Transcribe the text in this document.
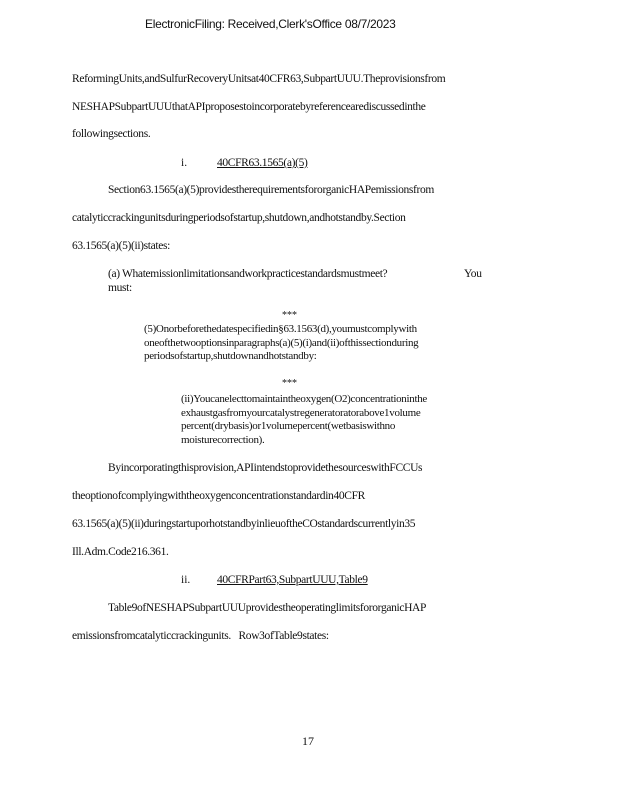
ElectronicFiling: Received,Clerk'sOffice 08/7/2023
ReformingUnits,andSulfurRecoveryUnitsat40CFR63,SubpartUUU.Theprovisionsfrom
NESHAPSubpartUUUthatAPIproposestoincorporatebyreferencearediscussedinthe
followingsections.
i.	40CFR63.1565(a)(5)
Section63.1565(a)(5)providestherequirementsfororganicHAPemissionsfrom
catalyticcrackingunitsduringperiodsofstartup,shutdown,andhotstandby.Section
63.1565(a)(5)(ii)states:
(a) Whatemissionlimitationsandworkpracticestandardsmustmeet?	You
must:
***
(5)Onorbeforethedatespecifiedin§63.1563(d),youmustcomplywith oneofthetwooptionsinparagraphs(a)(5)(i)and(ii)ofthissectionduring periodsofstartup,shutdownandhotstandby:
***
(ii)Youcanelecttomaintaintheoxygen(O2)concentrationinthe exhaustgasfromyourcatalystregeneratoratorabove1volume percent(drybasis)or1volumepercent(wetbasiswithno moisturecorrection).
Byincorporatingthisprovision,APIintendstoprovidethesourceswithFCCUs
theoptionofcomplyingwiththeoxygenconcentrationstandardin40CFR
63.1565(a)(5)(ii)duringstartuporhotstandbyinlieuoftheCOstandardscurrentlyin35
Ill.Adm.Code216.361.
ii. 40CFRPart63,SubpartUUU,Table9
Table9ofNESHAPSubpartUUUprovidestheoperatinglimitsfororganicHAP
emissionsfromcatalyticcrackingunits.   Row3ofTable9states:
17
